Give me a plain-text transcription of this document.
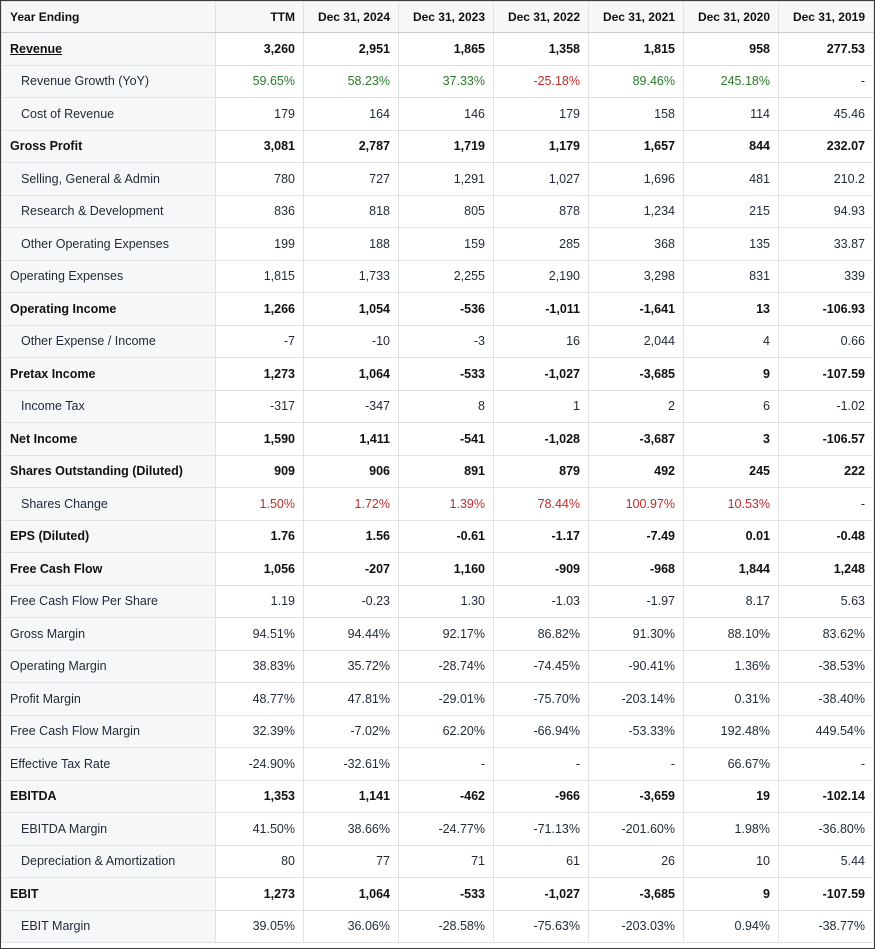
Year Ending	TTM	Dec 31, 2024	Dec 31, 2023	Dec 31, 2022	Dec 31, 2021	Dec 31, 2020	Dec 31, 2019
Revenue	3,260	2,951	1,865	1,358	1,815	958	277.53
Revenue Growth (YoY)	59.65%	58.23%	37.33%	-25.18%	89.46%	245.18%	-
Cost of Revenue	179	164	146	179	158	114	45.46
Gross Profit	3,081	2,787	1,719	1,179	1,657	844	232.07
Selling, General & Admin	780	727	1,291	1,027	1,696	481	210.2
Research & Development	836	818	805	878	1,234	215	94.93
Other Operating Expenses	199	188	159	285	368	135	33.87
Operating Expenses	1,815	1,733	2,255	2,190	3,298	831	339
Operating Income	1,266	1,054	-536	-1,011	-1,641	13	-106.93
Other Expense / Income	-7	-10	-3	16	2,044	4	0.66
Pretax Income	1,273	1,064	-533	-1,027	-3,685	9	-107.59
Income Tax	-317	-347	8	1	2	6	-1.02
Net Income	1,590	1,411	-541	-1,028	-3,687	3	-106.57
Shares Outstanding (Diluted)	909	906	891	879	492	245	222
Shares Change	1.50%	1.72%	1.39%	78.44%	100.97%	10.53%	-
EPS (Diluted)	1.76	1.56	-0.61	-1.17	-7.49	0.01	-0.48
Free Cash Flow	1,056	-207	1,160	-909	-968	1,844	1,248
Free Cash Flow Per Share	1.19	-0.23	1.30	-1.03	-1.97	8.17	5.63
Gross Margin	94.51%	94.44%	92.17%	86.82%	91.30%	88.10%	83.62%
Operating Margin	38.83%	35.72%	-28.74%	-74.45%	-90.41%	1.36%	-38.53%
Profit Margin	48.77%	47.81%	-29.01%	-75.70%	-203.14%	0.31%	-38.40%
Free Cash Flow Margin	32.39%	-7.02%	62.20%	-66.94%	-53.33%	192.48%	449.54%
Effective Tax Rate	-24.90%	-32.61%	-	-	-	66.67%	-
EBITDA	1,353	1,141	-462	-966	-3,659	19	-102.14
EBITDA Margin	41.50%	38.66%	-24.77%	-71.13%	-201.60%	1.98%	-36.80%
Depreciation & Amortization	80	77	71	61	26	10	5.44
EBIT	1,273	1,064	-533	-1,027	-3,685	9	-107.59
EBIT Margin	39.05%	36.06%	-28.58%	-75.63%	-203.03%	0.94%	-38.77%
